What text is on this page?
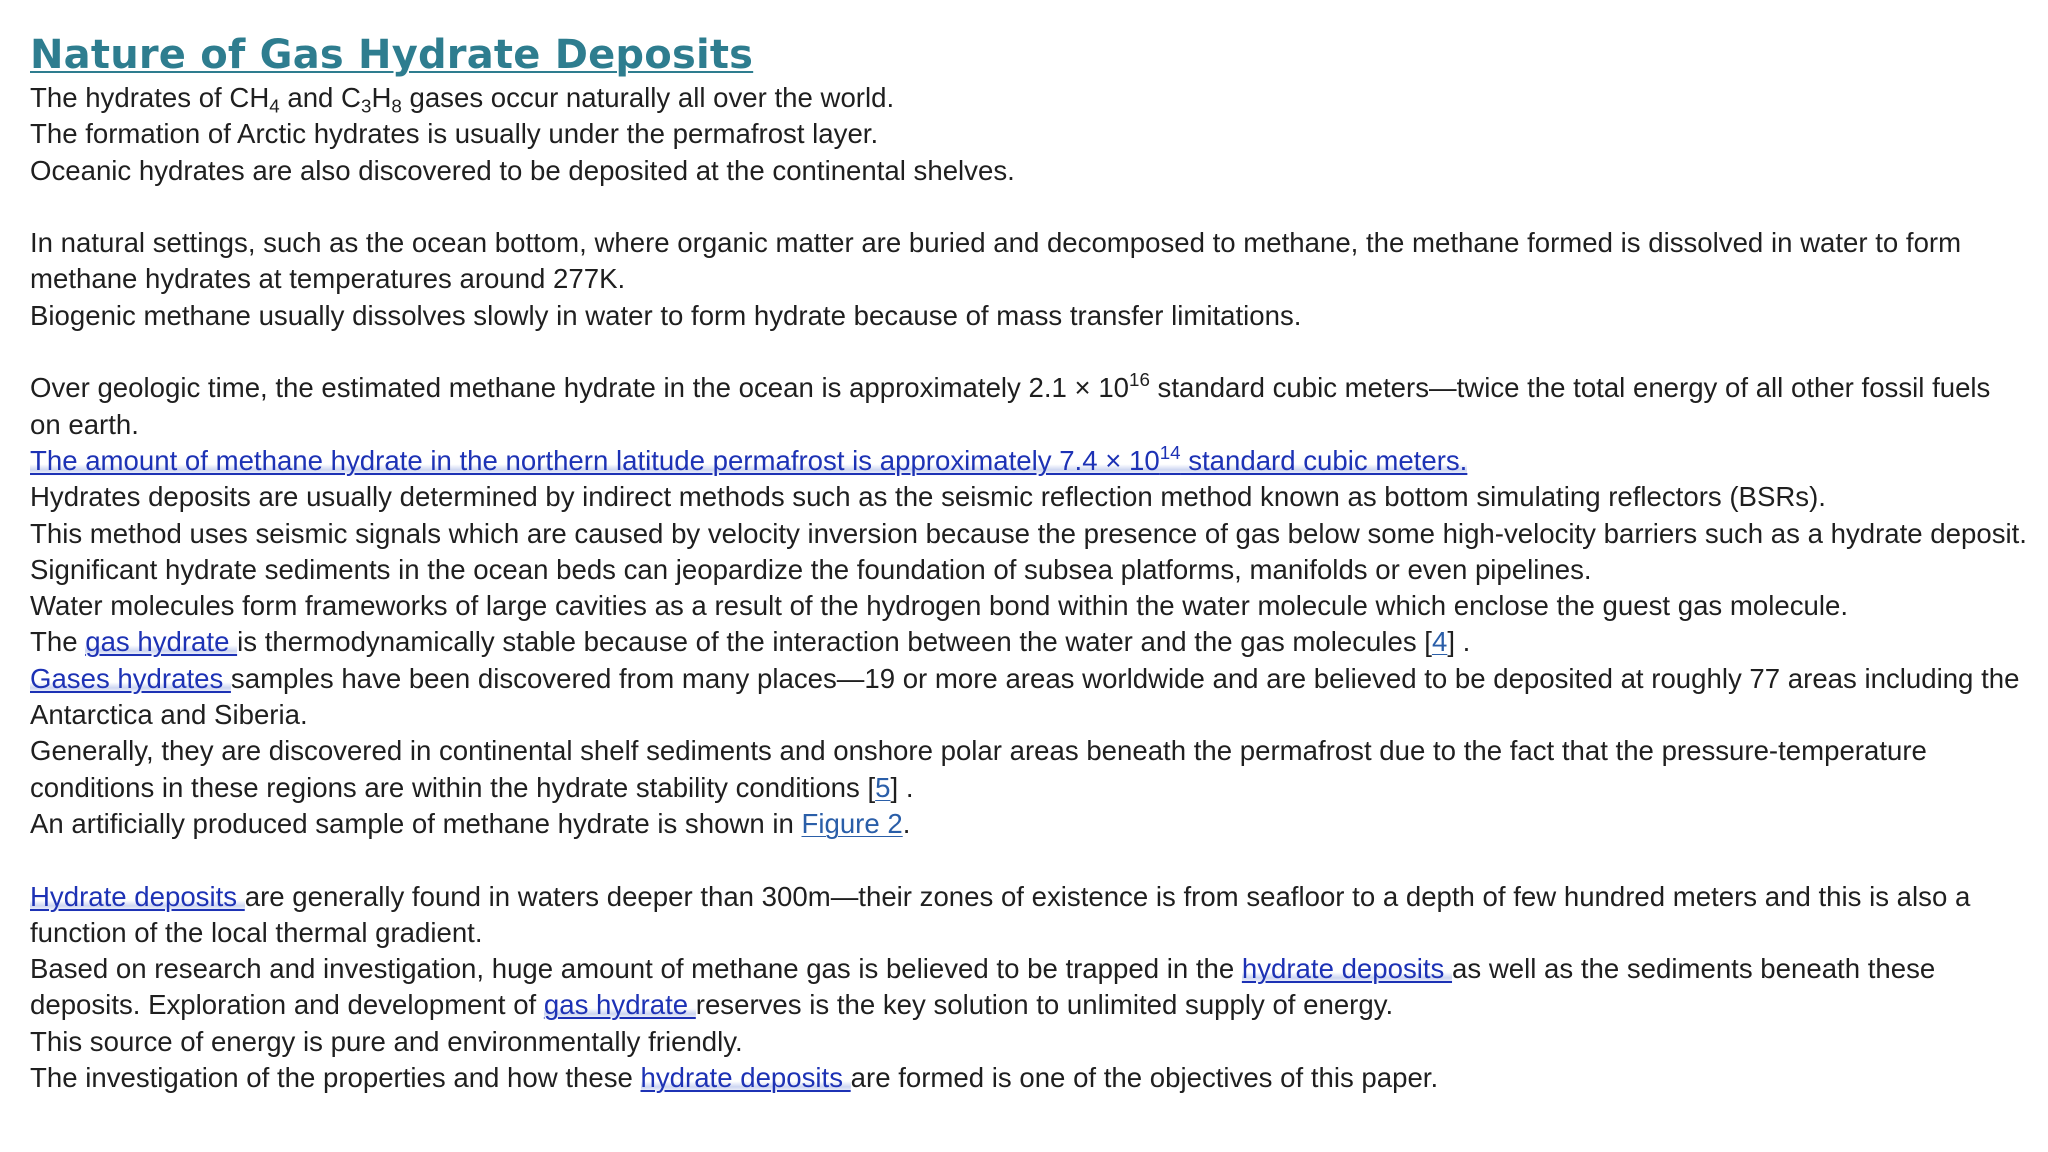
Nature of Gas Hydrate Deposits
The hydrates of $CH_4$ and $C_3H_8$ gases occur naturally all over the world.
The formation of Arctic hydrates is usually under the permafrost layer.
Oceanic hydrates are also discovered to be deposited at the continental shelves.
In natural settings, such as the ocean bottom, where organic matter are buried and decomposed to methane, the methane formed is dissolved in water to form
methane hydrates at temperatures around 277K.
Biogenic methane usually dissolves slowly in water to form hydrate because of mass transfer limitations.
Over geologic time, the estimated methane hydrate in the ocean is approximately $2.1 \times 10^{16}$ standard cubic meters—twice the total energy of all other fossil fuels
on earth.
The amount of methane hydrate in the northern latitude permafrost is approximately $7.4 \times 10^{14}$ standard cubic meters.
Hydrates deposits are usually determined by indirect methods such as the seismic reflection method known as bottom simulating reflectors (BSRs).
This method uses seismic signals which are caused by velocity inversion because the presence of gas below some high-velocity barriers such as a hydrate deposit.
Significant hydrate sediments in the ocean beds can jeopardize the foundation of subsea platforms, manifolds or even pipelines.
Water molecules form frameworks of large cavities as a result of the hydrogen bond within the water molecule which enclose the guest gas molecule.
The gas hydrate is thermodynamically stable because of the interaction between the water and the gas molecules [4] .
Gases hydrates samples have been discovered from many places—19 or more areas worldwide and are believed to be deposited at roughly 77 areas including the
Antarctica and Siberia.
Generally, they are discovered in continental shelf sediments and onshore polar areas beneath the permafrost due to the fact that the pressure-temperature
conditions in these regions are within the hydrate stability conditions [5] .
An artificially produced sample of methane hydrate is shown in Figure 2.
Hydrate deposits are generally found in waters deeper than 300m—their zones of existence is from seafloor to a depth of few hundred meters and this is also a
function of the local thermal gradient.
Based on research and investigation, huge amount of methane gas is believed to be trapped in the hydrate deposits as well as the sediments beneath these
deposits. Exploration and development of gas hydrate reserves is the key solution to unlimited supply of energy.
This source of energy is pure and environmentally friendly.
The investigation of the properties and how these hydrate deposits are formed is one of the objectives of this paper.
